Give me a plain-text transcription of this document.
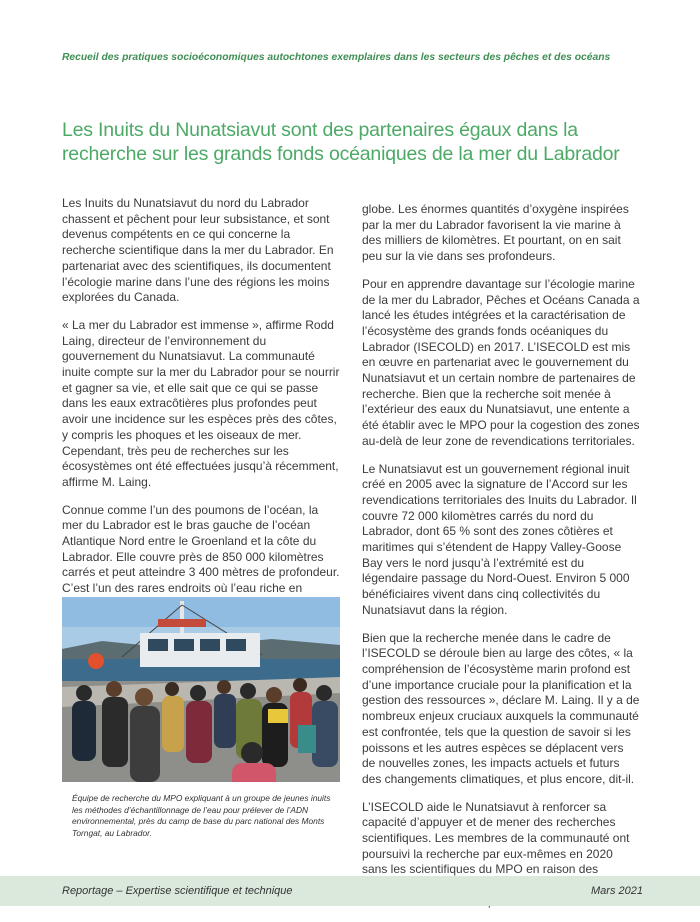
Recueil des pratiques socioéconomiques autochtones exemplaires dans les secteurs des pêches et des océans
Les Inuits du Nunatsiavut sont des partenaires égaux dans la recherche sur les grands fonds océaniques de la mer du Labrador

Les Inuits du Nunatsiavut du nord du Labrador chassent et pêchent pour leur subsistance, et sont devenus compétents en ce qui concerne la recherche scientifique dans la mer du Labrador. En partenariat avec des scientifiques, ils documentent l’écologie marine dans l’une des régions les moins explorées du Canada.

« La mer du Labrador est immense », affirme Rodd Laing, directeur de l’environnement du gouvernement du Nunatsiavut. La communauté inuite compte sur la mer du Labrador pour se nourrir et gagner sa vie, et elle sait que ce qui se passe dans les eaux extracôtières plus profondes peut avoir une incidence sur les espèces près des côtes, y compris les phoques et les oiseaux de mer. Cependant, très peu de recherches sur les écosystèmes ont été effectuées jusqu’à récemment, affirme M. Laing.

Connue comme l’un des poumons de l’océan, la mer du Labrador est le bras gauche de l’océan Atlantique Nord entre le Groenland et la côte du Labrador. Elle couvre près de 850 000 kilomètres carrés et peut atteindre 3 400 mètres de profondeur. C’est l’un des rares endroits où l’eau riche en

Équipe de recherche du MPO expliquant à un groupe de jeunes inuits les méthodes d’échantillonnage de l’eau pour prélever de l’ADN environnemental, près du camp de base du parc national des Monts Torngat, au Labrador.

globe. Les énormes quantités d’oxygène inspirées par la mer du Labrador favorisent la vie marine à des milliers de kilomètres. Et pourtant, on en sait peu sur la vie dans ses profondeurs.

Pour en apprendre davantage sur l’écologie marine de la mer du Labrador, Pêches et Océans Canada a lancé les études intégrées et la caractérisation de l’écosystème des grands fonds océaniques du Labrador (ISECOLD) en 2017. L’ISECOLD est mis en œuvre en partenariat avec le gouvernement du Nunatsiavut et un certain nombre de partenaires de recherche. Bien que la recherche soit menée à l’extérieur des eaux du Nunatsiavut, une entente a été établir avec le MPO pour la cogestion des zones au-delà de leur zone de revendications territoriales.

Le Nunatsiavut est un gouvernement régional inuit créé en 2005 avec la signature de l’Accord sur les revendications territoriales des Inuits du Labrador. Il couvre 72 000 kilomètres carrés du nord du Labrador, dont 65 % sont des zones côtières et maritimes qui s’étendent de Happy Valley-Goose Bay vers le nord jusqu’à l’extrémité est du légendaire passage du Nord-Ouest. Environ 5 000 bénéficiaires vivent dans cinq collectivités du Nunatsiavut dans la région.

Bien que la recherche menée dans le cadre de l’ISECOLD se déroule bien au large des côtes, « la compréhension de l’écosystème marin profond est d’une importance cruciale pour la planification et la gestion des ressources », déclare M. Laing. Il y a de nombreux enjeux cruciaux auxquels la communauté est confrontée, tels que la question de savoir si les poissons et les autres espèces se déplacent vers de nouvelles zones, les impacts actuels et futurs des changements climatiques, et plus encore, dit-il.

L’ISECOLD aide le Nunatsiavut à renforcer sa capacité d’appuyer et de mener des recherches scientifiques. Les membres de la communauté ont poursuivi la recherche par eux-mêmes en 2020 sans les scientifiques du MPO en raison des

Reportage – Expertise scientifique et technique	Mars 2021
